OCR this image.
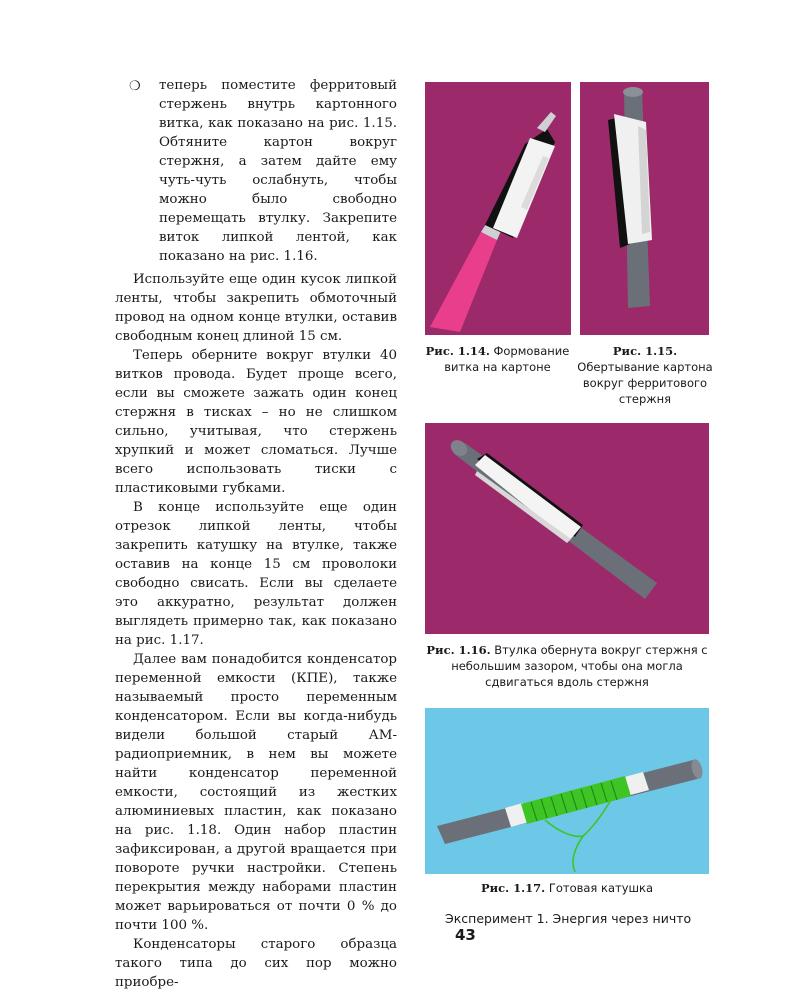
❍ теперь поместите ферритовый стержень внутрь картонного витка, как показано на рис. 1.15. Обтяните картон вокруг стержня, а затем дайте ему чуть-чуть ослабнуть, чтобы можно было свободно перемещать втулку. Закрепите виток липкой лентой, как показано на рис. 1.16.

Используйте еще один кусок липкой ленты, чтобы закрепить обмоточный провод на одном конце втулки, оставив свободным конец длиной 15 см.

Теперь оберните вокруг втулки 40 витков провода. Будет проще всего, если вы сможете зажать один конец стержня в тисках – но не слишком сильно, учитывая, что стержень хрупкий и может сломаться. Лучше всего использовать тиски с пластиковыми губками.

В конце используйте еще один отрезок липкой ленты, чтобы закрепить катушку на втулке, также оставив на конце 15 см проволоки свободно свисать. Если вы сделаете это аккуратно, результат должен выглядеть примерно так, как показано на рис. 1.17.

Далее вам понадобится конденсатор переменной емкости (КПЕ), также называемый просто переменным конденсатором. Если вы когда-нибудь видели большой старый АМ-радиоприемник, в нем вы можете найти конденсатор переменной емкости, состоящий из жестких алюминиевых пластин, как показано на рис. 1.18. Один набор пластин зафиксирован, а другой вращается при повороте ручки настройки. Степень перекрытия между наборами пластин может варьироваться от почти 0 % до почти 100 %.

Конденсаторы старого образца такого типа до сих пор можно приобре-

Рис. 1.14. Формование витка на картоне
Рис. 1.15. Обертывание картона вокруг ферритового стержня
Рис. 1.16. Втулка обернута вокруг стержня с небольшим зазором, чтобы она могла сдвигаться вдоль стержня
Рис. 1.17. Готовая катушка
Эксперимент 1. Энергия через ничто 43
